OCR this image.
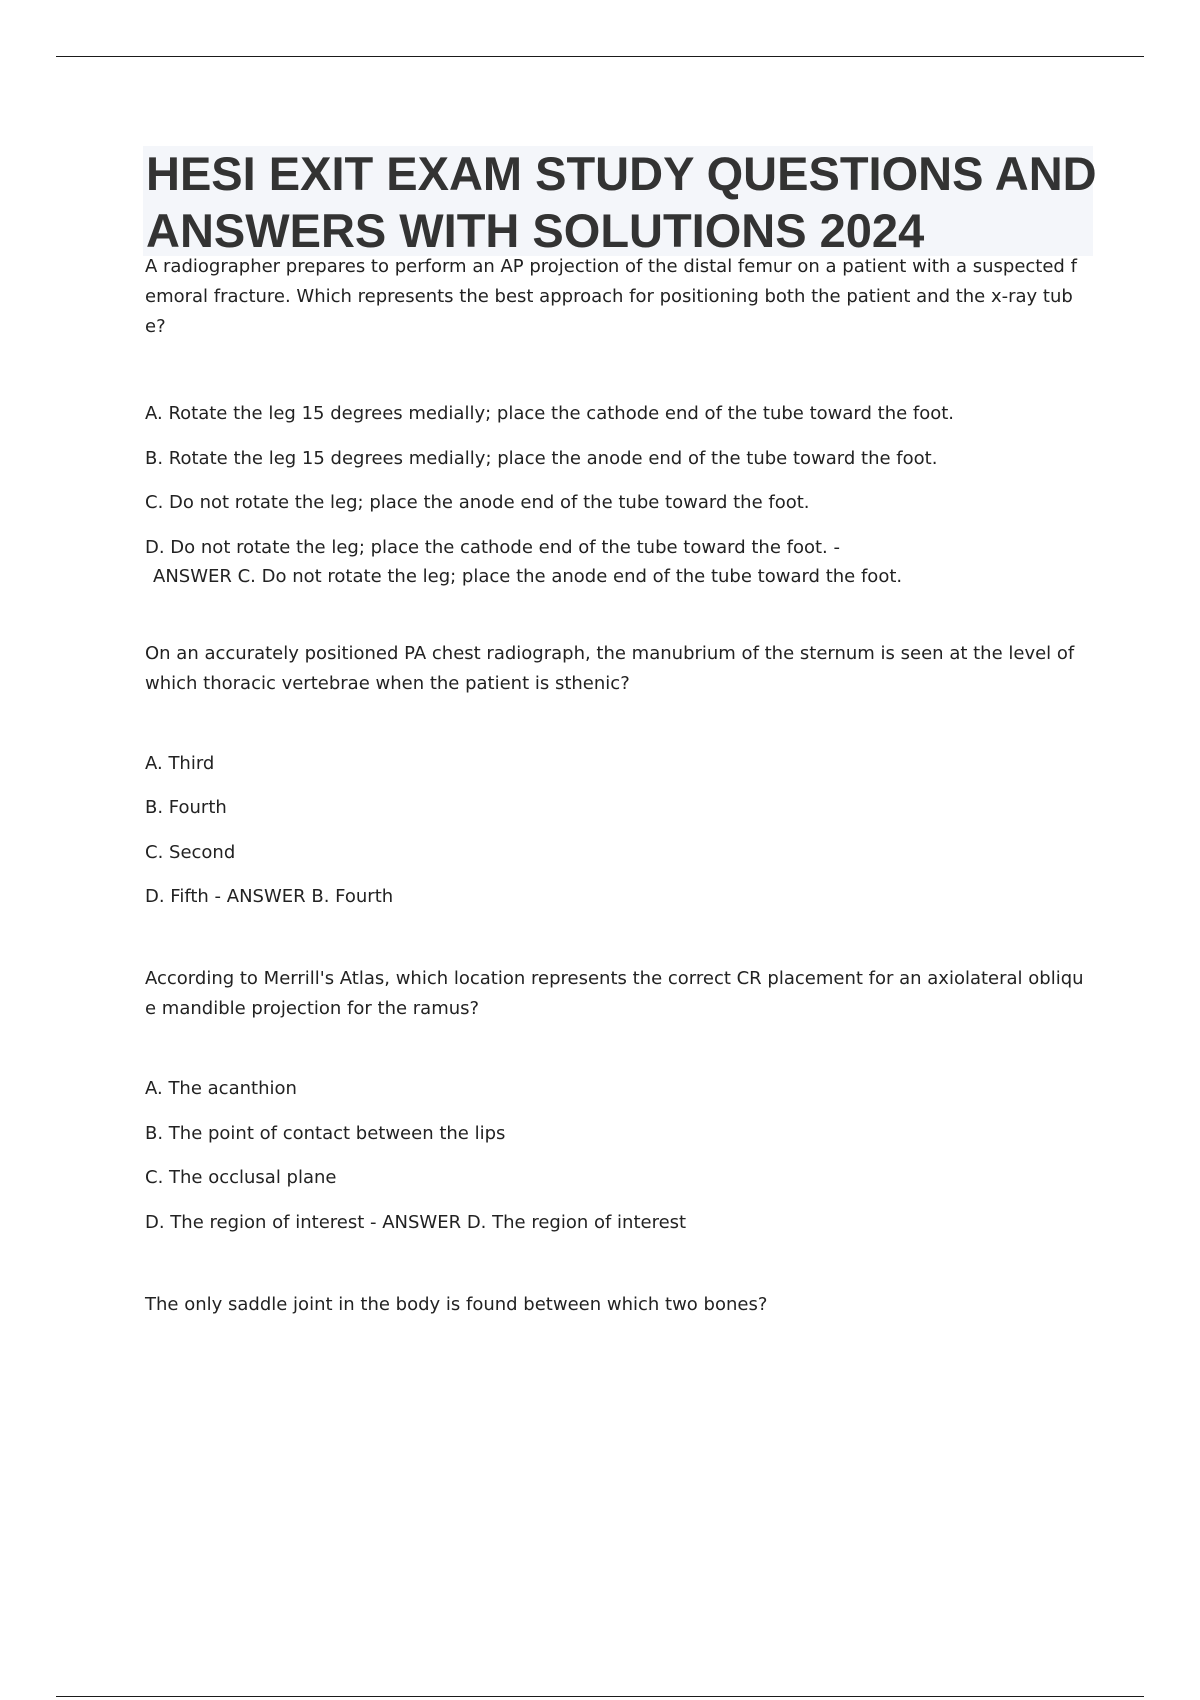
HESI EXIT EXAM STUDY QUESTIONS AND ANSWERS WITH SOLUTIONS 2024

A radiographer prepares to perform an AP projection of the distal femur on a patient with a suspected femoral fracture. Which represents the best approach for positioning both the patient and the x-ray tube?

A. Rotate the leg 15 degrees medially; place the cathode end of the tube toward the foot.

B. Rotate the leg 15 degrees medially; place the anode end of the tube toward the foot.

C. Do not rotate the leg; place the anode end of the tube toward the foot.

D. Do not rotate the leg; place the cathode end of the tube toward the foot. -

ANSWER C. Do not rotate the leg; place the anode end of the tube toward the foot.

On an accurately positioned PA chest radiograph, the manubrium of the sternum is seen at the level of which thoracic vertebrae when the patient is sthenic?

A. Third

B. Fourth

C. Second

D. Fifth - ANSWER B. Fourth

According to Merrill's Atlas, which location represents the correct CR placement for an axiolateral oblique mandible projection for the ramus?

A. The acanthion

B. The point of contact between the lips

C. The occlusal plane

D. The region of interest - ANSWER D. The region of interest

The only saddle joint in the body is found between which two bones?
